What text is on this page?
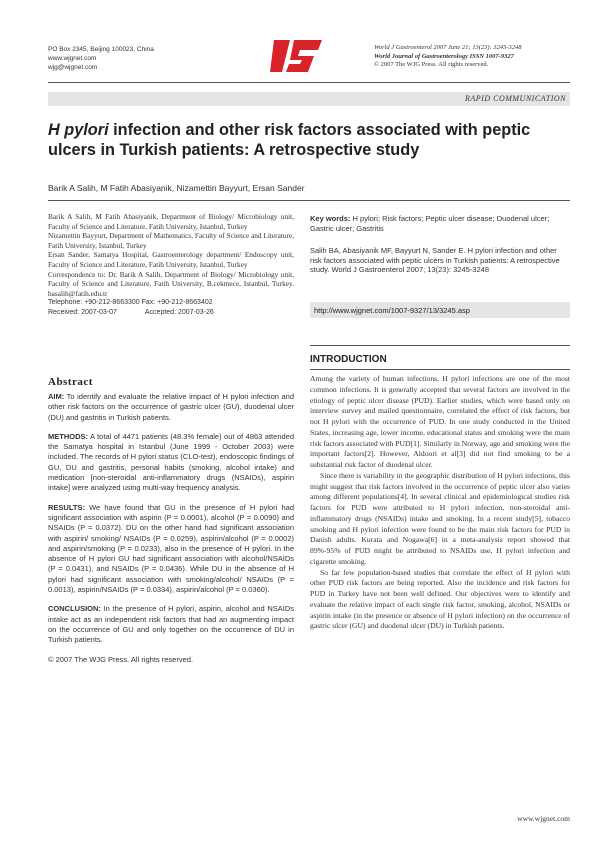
PO Box 2345, Beijing 100023, China
www.wjgnet.com
wjg@wjgnet.com
World J Gastroenterol 2007 June 21; 13(23): 3245-3248
World Journal of Gastroenterology ISSN 1007-9327
© 2007 The WJG Press. All rights reserved.
RAPID COMMUNICATION
H pylori infection and other risk factors associated with peptic ulcers in Turkish patients: A retrospective study
Barik A Salih, M Fatih Abasiyanik, Nizamettin Bayyurt, Ersan Sander

Barik A Salih, M Fatih Abasiyanik, Department of Biology/ Microbiology unit, Faculty of Science and Literature, Fatih University, Istanbul, Turkey

Nizamettin Bayyurt, Department of Mathematics, Faculty of Science and Literature, Fatih University, Istanbul, Turkey

Ersan Sander, Samatya Hospital, Gastroenterology department/ Endoscopy unit, Faculty of Science and Literature, Fatih University, Istanbul, Turkey

Correspondence to: Dr. Barik A Salih, Department of Biology/ Microbiology unit, Faculty of Science and Literature, Fatih University, B.cekmece, Istanbul, Turkey. basalih@fatih.edu.tr

Telephone: +90-212-8663300 Fax: +90-212-8663402

Received: 2007-03-07	Accepted: 2007-03-26

Key words: H pylori; Risk factors; Peptic ulcer disease; Duodenal ulcer; Gastric ulcer; Gastritis
Salih BA, Abasiyanik MF, Bayyurt N, Sander E. H pylori infection and other risk factors associated with peptic ulcers in Turkish patients: A retrospective study. World J Gastroenterol 2007; 13(23): 3245-3248
http://www.wjgnet.com/1007-9327/13/3245.asp
Abstract

AIM: To identify and evaluate the relative impact of H pylori infection and other risk factors on the occurrence of gastric ulcer (GU), duodenal ulcer (DU) and gastritis in Turkish patients.

METHODS: A total of 4471 patients (48.3% female) out of 4863 attended the Samatya hospital in Istanbul (June 1999 - October 2003) were included. The records of H pylori status (CLO-test), endoscopic findings of GU, DU and gastritis, personal habits (smoking, alcohol intake) and medication [non-steroidal anti-inflammatory drugs (NSAIDs), aspirin intake] were analyzed using multi-way frequency analysis.

RESULTS: We have found that GU in the presence of H pylori had significant association with aspirin (P = 0.0001), alcohol (P = 0.0090) and NSAIDs (P = 0.0372). DU on the other hand had significant association with aspirin/ smoking/ NSAIDs (P = 0.0259), aspirin/alcohol (P = 0.0002) and aspirin/smoking (P = 0.0233), also in the presence of H pylori. In the absence of H pylori GU had significant association with alcohol/NSAIDs (P = 0.0431), and NSAIDs (P = 0.0436). While DU in the absence of H pylori had significant association with smoking/alcohol/ NSAIDs (P = 0.0013), aspirin/NSAIDs (P = 0.0334), aspirin/alcohol (P = 0.0360).

CONCLUSION: In the presence of H pylori, aspirin, alcohol and NSAIDs intake act as an independent risk factors that had an augmenting impact on the occurrence of GU and only together on the occurrence of DU in Turkish patients.

© 2007 The WJG Press. All rights reserved.

INTRODUCTION

Among the variety of human infections, H pylori infections are one of the most common infections. It is generally accepted that several factors are involved in the etiology of peptic ulcer disease (PUD). Earlier studies, which were based only on interview survey and mailed questionnaire, correlated the effect of risk factors, but not H pylori with the occurrence of PUD. In one study conducted in the United States, increasing age, lower income, educational status and smoking were the main risk factors associated with PUD[1]. Similarly in Norway, age and smoking were the important factors[2]. However, Aldoori et al[3] did not find smoking to be a substantial risk factor of duodenal ulcer.

Since there is variability in the geographic distribution of H pylori infections, this might suggest that risk factors involved in the occurrence of peptic ulcer also varies among different populations[4]. In several clinical and epidemiological studies risk factors for PUD were attributed to H pylori infection, non-steroidal anti-inflammatory drugs (NSAIDs) intake and smoking. In a recent study[5], tobacco smoking and H pylori infection were found to be the main risk factors for PUD in Danish adults. Kurata and Nogawa[6] in a meta-analysis report showed that 89%-95% of PUD might be attributed to NSAIDs use, H pylori infection and cigarette smoking.

So far few population-based studies that correlate the effect of H pylori with other PUD risk factors are being reported. Also the incidence and risk factors for PUD in Turkey have not been well defined. Our objectives were to identify and evaluate the relative impact of each single risk factor, smoking, alcohol, NSAIDs or aspirin intake (in the presence or absence of H pylori infection) on the occurrence of gastric ulcer (GU) and duodenal ulcer (DU) in Turkish patients.

www.wjgnet.com
